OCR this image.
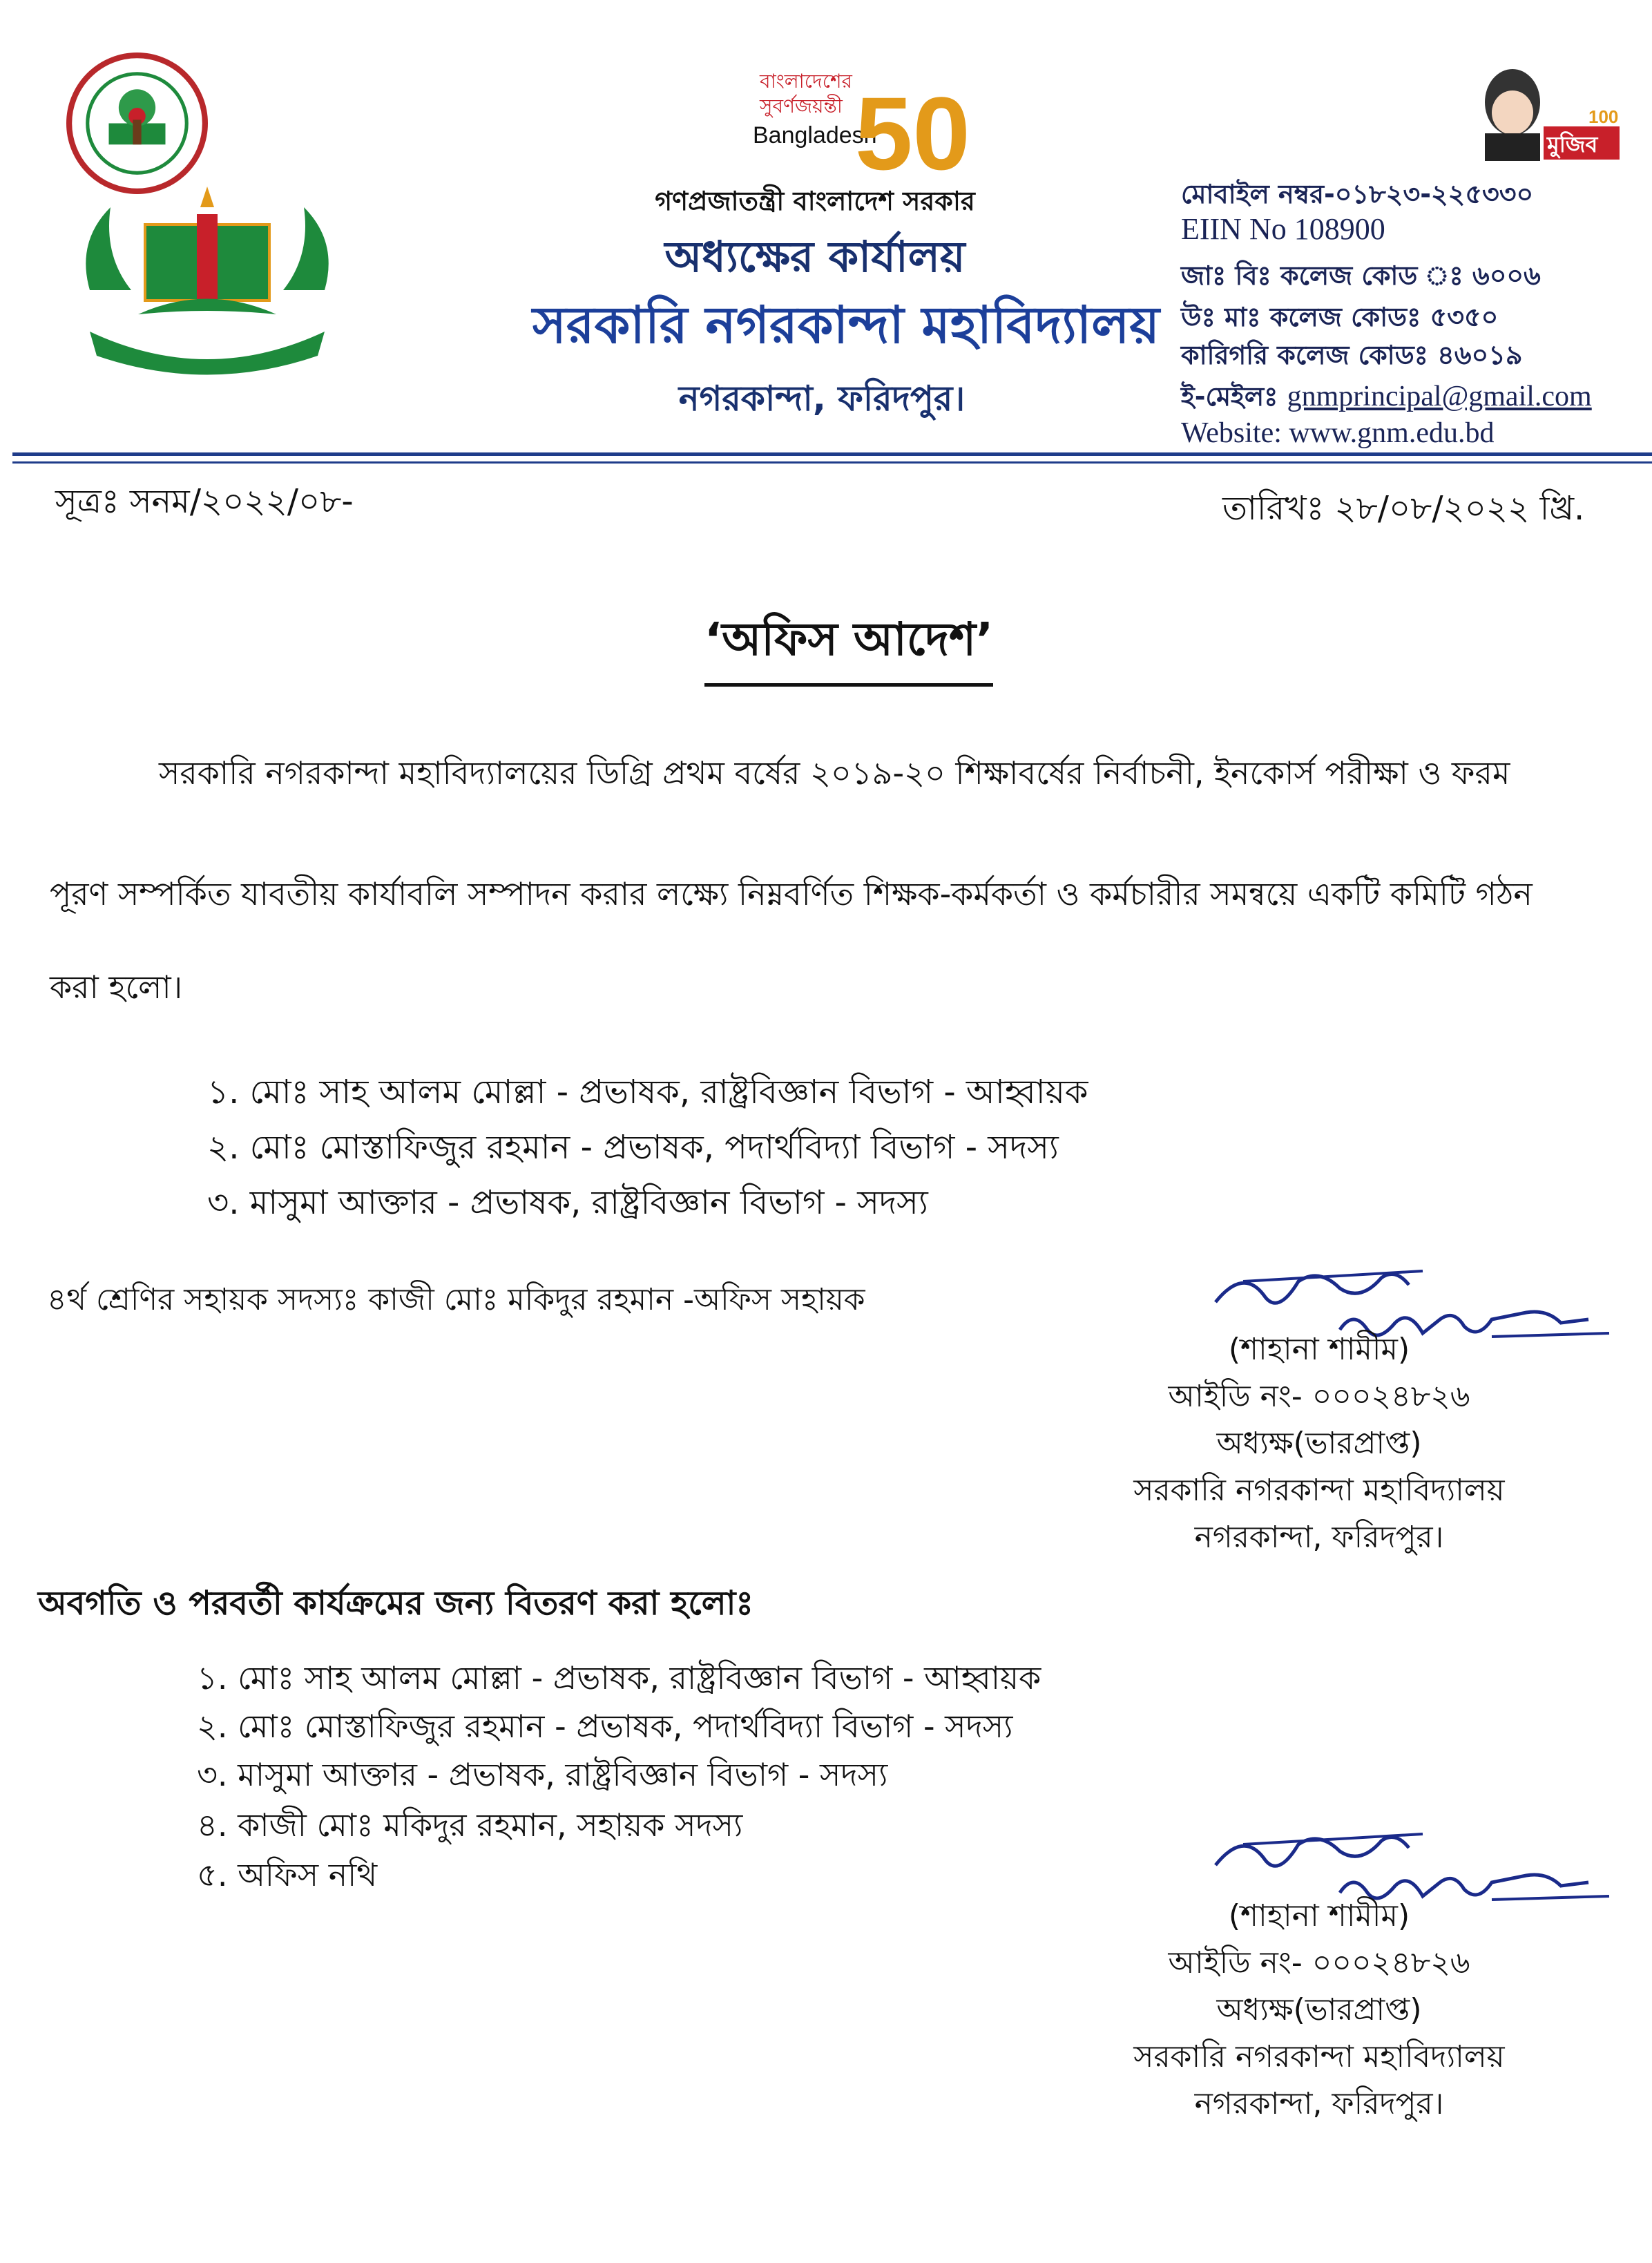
বাংলাদেশের
সুবর্ণজয়ন্তী
Bangladesh
50	মুজিব
100
গণপ্রজাতন্ত্রী বাংলাদেশ সরকার
অধ্যক্ষের কার্যালয়
সরকারি নগরকান্দা মহাবিদ্যালয়
নগরকান্দা, ফরিদপুর।
মোবাইল নম্বর-০১৮২৩-২২৫৩৩০
EIIN No 108900
জাঃ বিঃ কলেজ কোড ঃ ৬০০৬
উঃ মাঃ কলেজ কোডঃ ৫৩৫০
কারিগরি কলেজ কোডঃ ৪৬০১৯
ই-মেইলঃ gnmprincipal@gmail.com
Website: www.gnm.edu.bd
সূত্রঃ সনম/২০২২/০৮-	তারিখঃ ২৮/০৮/২০২২ খ্রি.
‘অফিস আদেশ’
সরকারি নগরকান্দা মহাবিদ্যালয়ের ডিগ্রি প্রথম বর্ষের ২০১৯-২০ শিক্ষাবর্ষের নির্বাচনী, ইনকোর্স পরীক্ষা ও ফরম
পূরণ সম্পর্কিত যাবতীয় কার্যাবলি সম্পাদন করার লক্ষ্যে নিম্নবর্ণিত শিক্ষক-কর্মকর্তা ও কর্মচারীর সমন্বয়ে একটি কমিটি গঠন
করা হলো।
১. মোঃ সাহ আলম মোল্লা - প্রভাষক, রাষ্ট্রবিজ্ঞান বিভাগ - আহ্বায়ক
২. মোঃ মোস্তাফিজুর রহমান - প্রভাষক, পদার্থবিদ্যা বিভাগ - সদস্য
৩. মাসুমা আক্তার - প্রভাষক, রাষ্ট্রবিজ্ঞান বিভাগ - সদস্য
৪র্থ শ্রেণির সহায়ক সদস্যঃ কাজী মোঃ মকিদুর রহমান -অফিস সহায়ক
(শাহানা শামীম)
আইডি নং- ০০০২৪৮২৬
অধ্যক্ষ(ভারপ্রাপ্ত)
সরকারি নগরকান্দা মহাবিদ্যালয়
নগরকান্দা, ফরিদপুর।
অবগতি ও পরবর্তী কার্যক্রমের জন্য বিতরণ করা হলোঃ
১. মোঃ সাহ আলম মোল্লা - প্রভাষক, রাষ্ট্রবিজ্ঞান বিভাগ - আহ্বায়ক
২. মোঃ মোস্তাফিজুর রহমান - প্রভাষক, পদার্থবিদ্যা বিভাগ - সদস্য
৩. মাসুমা আক্তার - প্রভাষক, রাষ্ট্রবিজ্ঞান বিভাগ - সদস্য
৪. কাজী মোঃ মকিদুর রহমান, সহায়ক সদস্য
৫. অফিস নথি
(শাহানা শামীম)
আইডি নং- ০০০২৪৮২৬
অধ্যক্ষ(ভারপ্রাপ্ত)
সরকারি নগরকান্দা মহাবিদ্যালয়
নগরকান্দা, ফরিদপুর।
